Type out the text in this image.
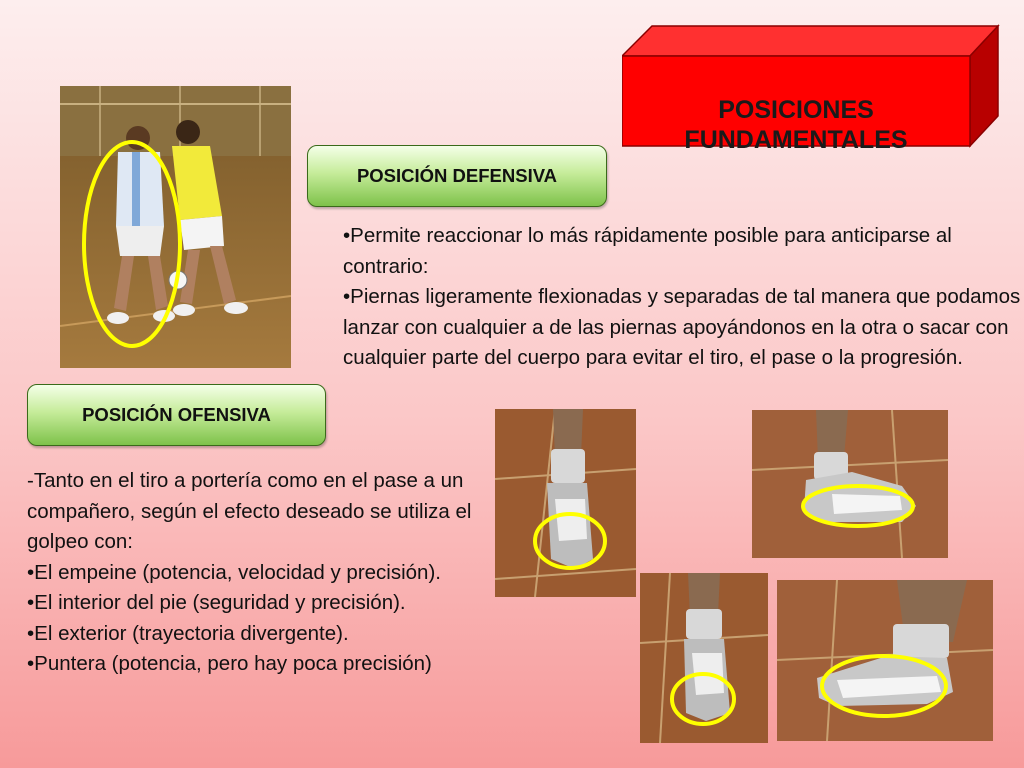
POSICIONES
FUNDAMENTALES
POSICIÓN DEFENSIVA

•Permite reaccionar lo más rápidamente posible para anticiparse al contrario:

•Piernas ligeramente flexionadas y separadas de tal manera que podamos lanzar con cualquier a de las piernas apoyándonos en la otra o sacar con cualquier parte del cuerpo para evitar el tiro, el pase o la progresión.

POSICIÓN OFENSIVA

-Tanto en el tiro a portería como en el pase a un compañero, según el efecto deseado se utiliza el golpeo con:

•El empeine (potencia, velocidad y precisión).

•El interior del pie (seguridad y precisión).

•El exterior (trayectoria divergente).

•Puntera (potencia, pero hay poca precisión)
